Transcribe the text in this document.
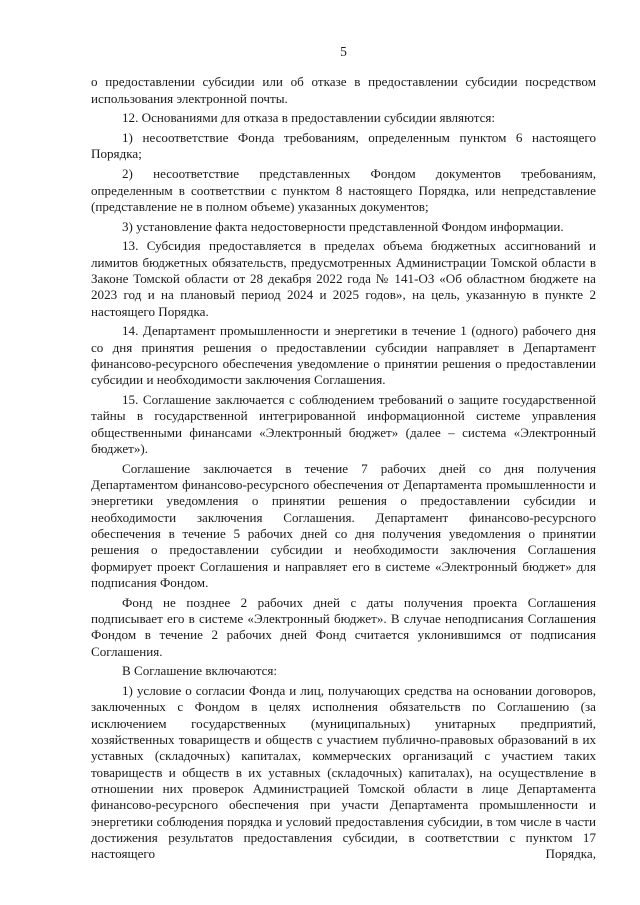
5

о предоставлении субсидии или об отказе в предоставлении субсидии посредством использования электронной почты.

12. Основаниями для отказа в предоставлении субсидии являются:

1) несоответствие Фонда требованиям, определенным пунктом 6 настоящего Порядка;

2) несоответствие представленных Фондом документов требованиям, определенным в соответствии с пунктом 8 настоящего Порядка, или непредставление (представление не в полном объеме) указанных документов;

3) установление факта недостоверности представленной Фондом информации.

13. Субсидия предоставляется в пределах объема бюджетных ассигнований и лимитов бюджетных обязательств, предусмотренных Администрации Томской области в Законе Томской области от 28 декабря 2022 года № 141-ОЗ «Об областном бюджете на 2023 год и на плановый период 2024 и 2025 годов», на цель, указанную в пункте 2 настоящего Порядка.

14. Департамент промышленности и энергетики в течение 1 (одного) рабочего дня со дня принятия решения о предоставлении субсидии направляет в Департамент финансово-ресурсного обеспечения уведомление о принятии решения о предоставлении субсидии и необходимости заключения Соглашения.

15. Соглашение заключается с соблюдением требований о защите государственной тайны в государственной интегрированной информационной системе управления общественными финансами «Электронный бюджет» (далее – система «Электронный бюджет»).

Соглашение заключается в течение 7 рабочих дней со дня получения Департаментом финансово-ресурсного обеспечения от Департамента промышленности и энергетики уведомления о принятии решения о предоставлении субсидии и необходимости заключения Соглашения. Департамент финансово-ресурсного обеспечения в течение 5 рабочих дней со дня получения уведомления о принятии решения о предоставлении субсидии и необходимости заключения Соглашения формирует проект Соглашения и направляет его в системе «Электронный бюджет» для подписания Фондом.

Фонд не позднее 2 рабочих дней с даты получения проекта Соглашения подписывает его в системе «Электронный бюджет». В случае неподписания Соглашения Фондом в течение 2 рабочих дней Фонд считается уклонившимся от подписания Соглашения.

В Соглашение включаются:

1) условие о согласии Фонда и лиц, получающих средства на основании договоров, заключенных с Фондом в целях исполнения обязательств по Соглашению (за исключением государственных (муниципальных) унитарных предприятий, хозяйственных товариществ и обществ с участием публично-правовых образований в их уставных (складочных) капиталах, коммерческих организаций с участием таких товариществ и обществ в их уставных (складочных) капиталах), на осуществление в отношении них проверок Администрацией Томской области в лице Департамента финансово-ресурсного обеспечения при участи Департамента промышленности и энергетики соблюдения порядка и условий предоставления субсидии, в том числе в части достижения результатов предоставления субсидии, в соответствии с пунктом 17 настоящего Порядка,
